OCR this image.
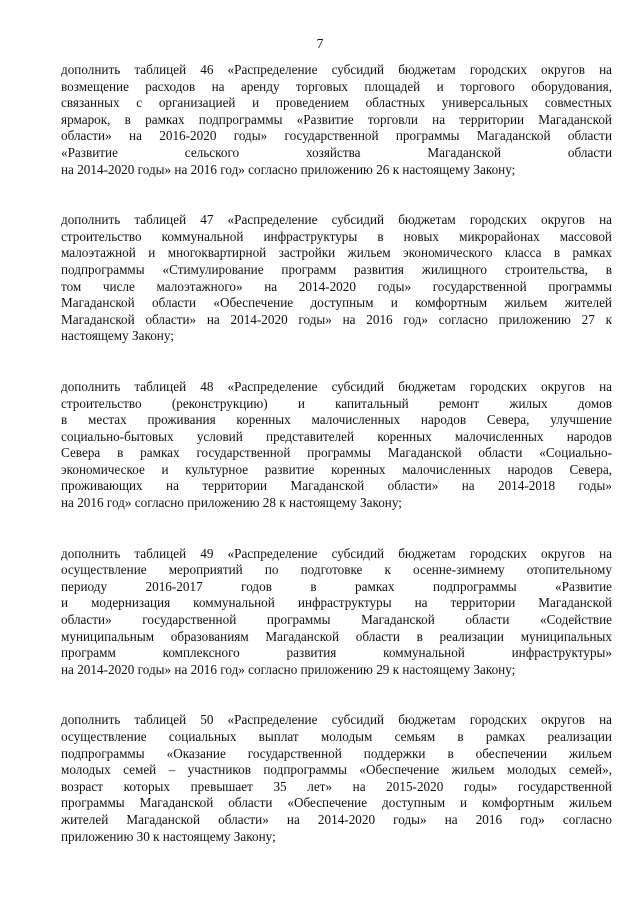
7
дополнить таблицей 46 «Распределение субсидий бюджетам городских округов на
возмещение расходов на аренду торговых площадей и торгового оборудования,
связанных с организацией и проведением областных универсальных совместных
ярмарок, в рамках подпрограммы «Развитие торговли на территории Магаданской
области» на 2016-2020 годы» государственной программы Магаданской области
«Развитие сельского хозяйства Магаданской области
на 2014-2020 годы» на 2016 год» согласно приложению 26 к настоящему Закону;
дополнить таблицей 47 «Распределение субсидий бюджетам городских округов на
строительство коммунальной инфраструктуры в новых микрорайонах массовой
малоэтажной и многоквартирной застройки жильем экономического класса в рамках
подпрограммы «Стимулирование программ развития жилищного строительства, в
том числе малоэтажного» на 2014-2020 годы» государственной программы
Магаданской области «Обеспечение доступным и комфортным жильем жителей
Магаданской области» на 2014-2020 годы» на 2016 год» согласно приложению 27 к
настоящему Закону;
дополнить таблицей 48 «Распределение субсидий бюджетам городских округов на
строительство (реконструкцию) и капитальный ремонт жилых домов
в местах проживания коренных малочисленных народов Севера, улучшение
социально-бытовых условий представителей коренных малочисленных народов
Севера в рамках государственной программы Магаданской области «Социально-
экономическое и культурное развитие коренных малочисленных народов Севера,
проживающих на территории Магаданской области» на 2014-2018 годы»
на 2016 год» согласно приложению 28 к настоящему Закону;
дополнить таблицей 49 «Распределение субсидий бюджетам городских округов на
осуществление мероприятий по подготовке к осенне-зимнему отопительному
периоду 2016-2017 годов в рамках подпрограммы «Развитие
и модернизация коммунальной инфраструктуры на территории Магаданской
области» государственной программы Магаданской области «Содействие
муниципальным образованиям Магаданской области в реализации муниципальных
программ комплексного развития коммунальной инфраструктуры»
на 2014-2020 годы» на 2016 год» согласно приложению 29 к настоящему Закону;
дополнить таблицей 50 «Распределение субсидий бюджетам городских округов на
осуществление социальных выплат молодым семьям в рамках реализации
подпрограммы «Оказание государственной поддержки в обеспечении жильем
молодых семей – участников подпрограммы «Обеспечение жильем молодых семей»,
возраст которых превышает 35 лет» на 2015-2020 годы» государственной
программы Магаданской области «Обеспечение доступным и комфортным жильем
жителей Магаданской области» на 2014-2020 годы» на 2016 год» согласно
приложению 30 к настоящему Закону;
